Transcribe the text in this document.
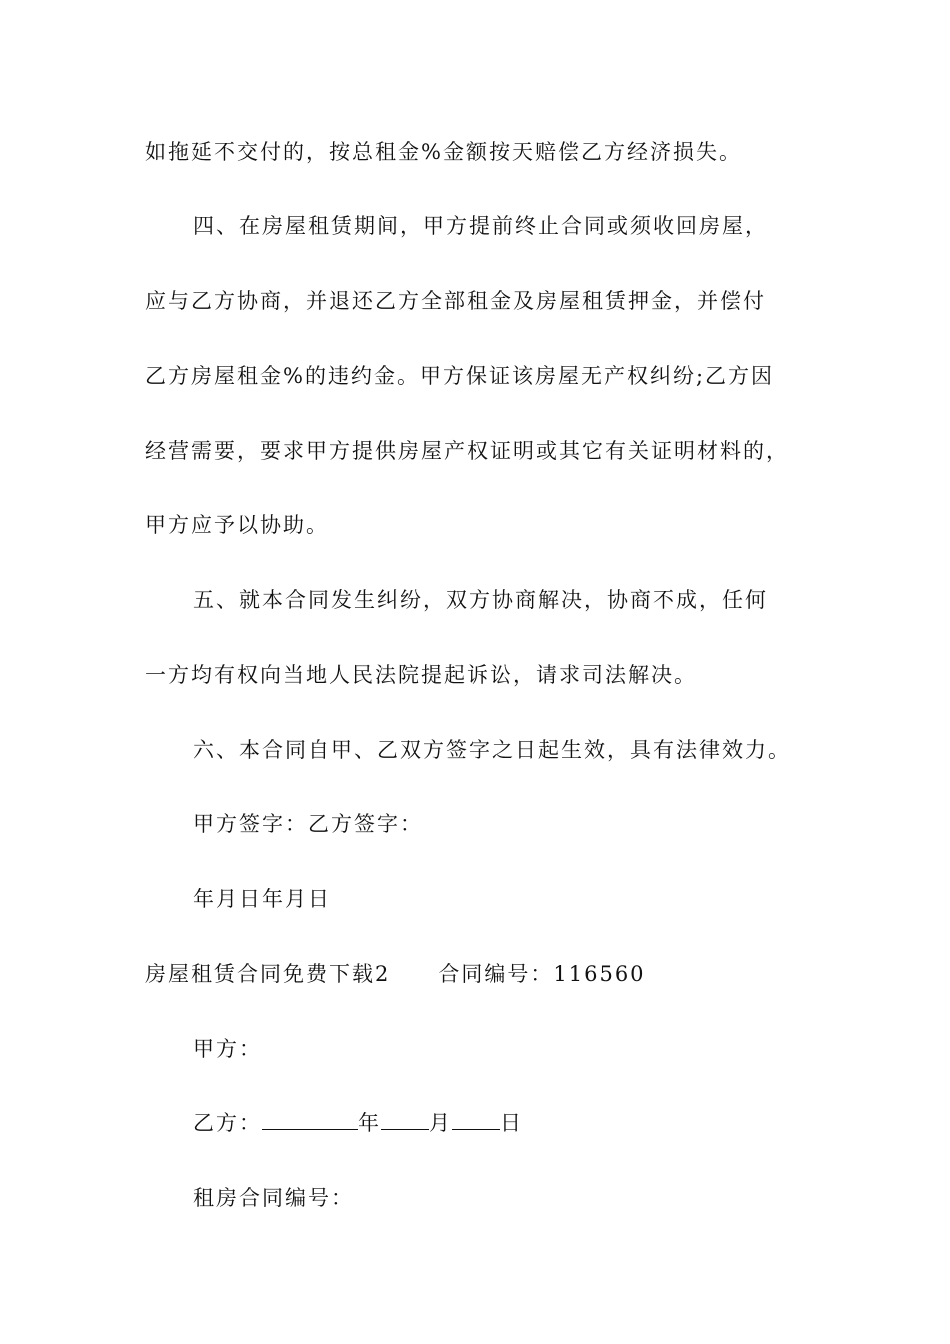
如拖延不交付的，按总租金%金额按天赔偿乙方经济损失。
四、在房屋租赁期间，甲方提前终止合同或须收回房屋，
应与乙方协商，并退还乙方全部租金及房屋租赁押金，并偿付
乙方房屋租金%的违约金。甲方保证该房屋无产权纠纷;乙方因
经营需要，要求甲方提供房屋产权证明或其它有关证明材料的，
甲方应予以协助。
五、就本合同发生纠纷，双方协商解决，协商不成，任何
一方均有权向当地人民法院提起诉讼，请求司法解决。
六、本合同自甲、乙双方签字之日起生效，具有法律效力。
甲方签字：乙方签字：
年月日年月日
房屋租赁合同免费下载2 合同编号：116560
甲方：
乙方：	年 月 日
租房合同编号：
